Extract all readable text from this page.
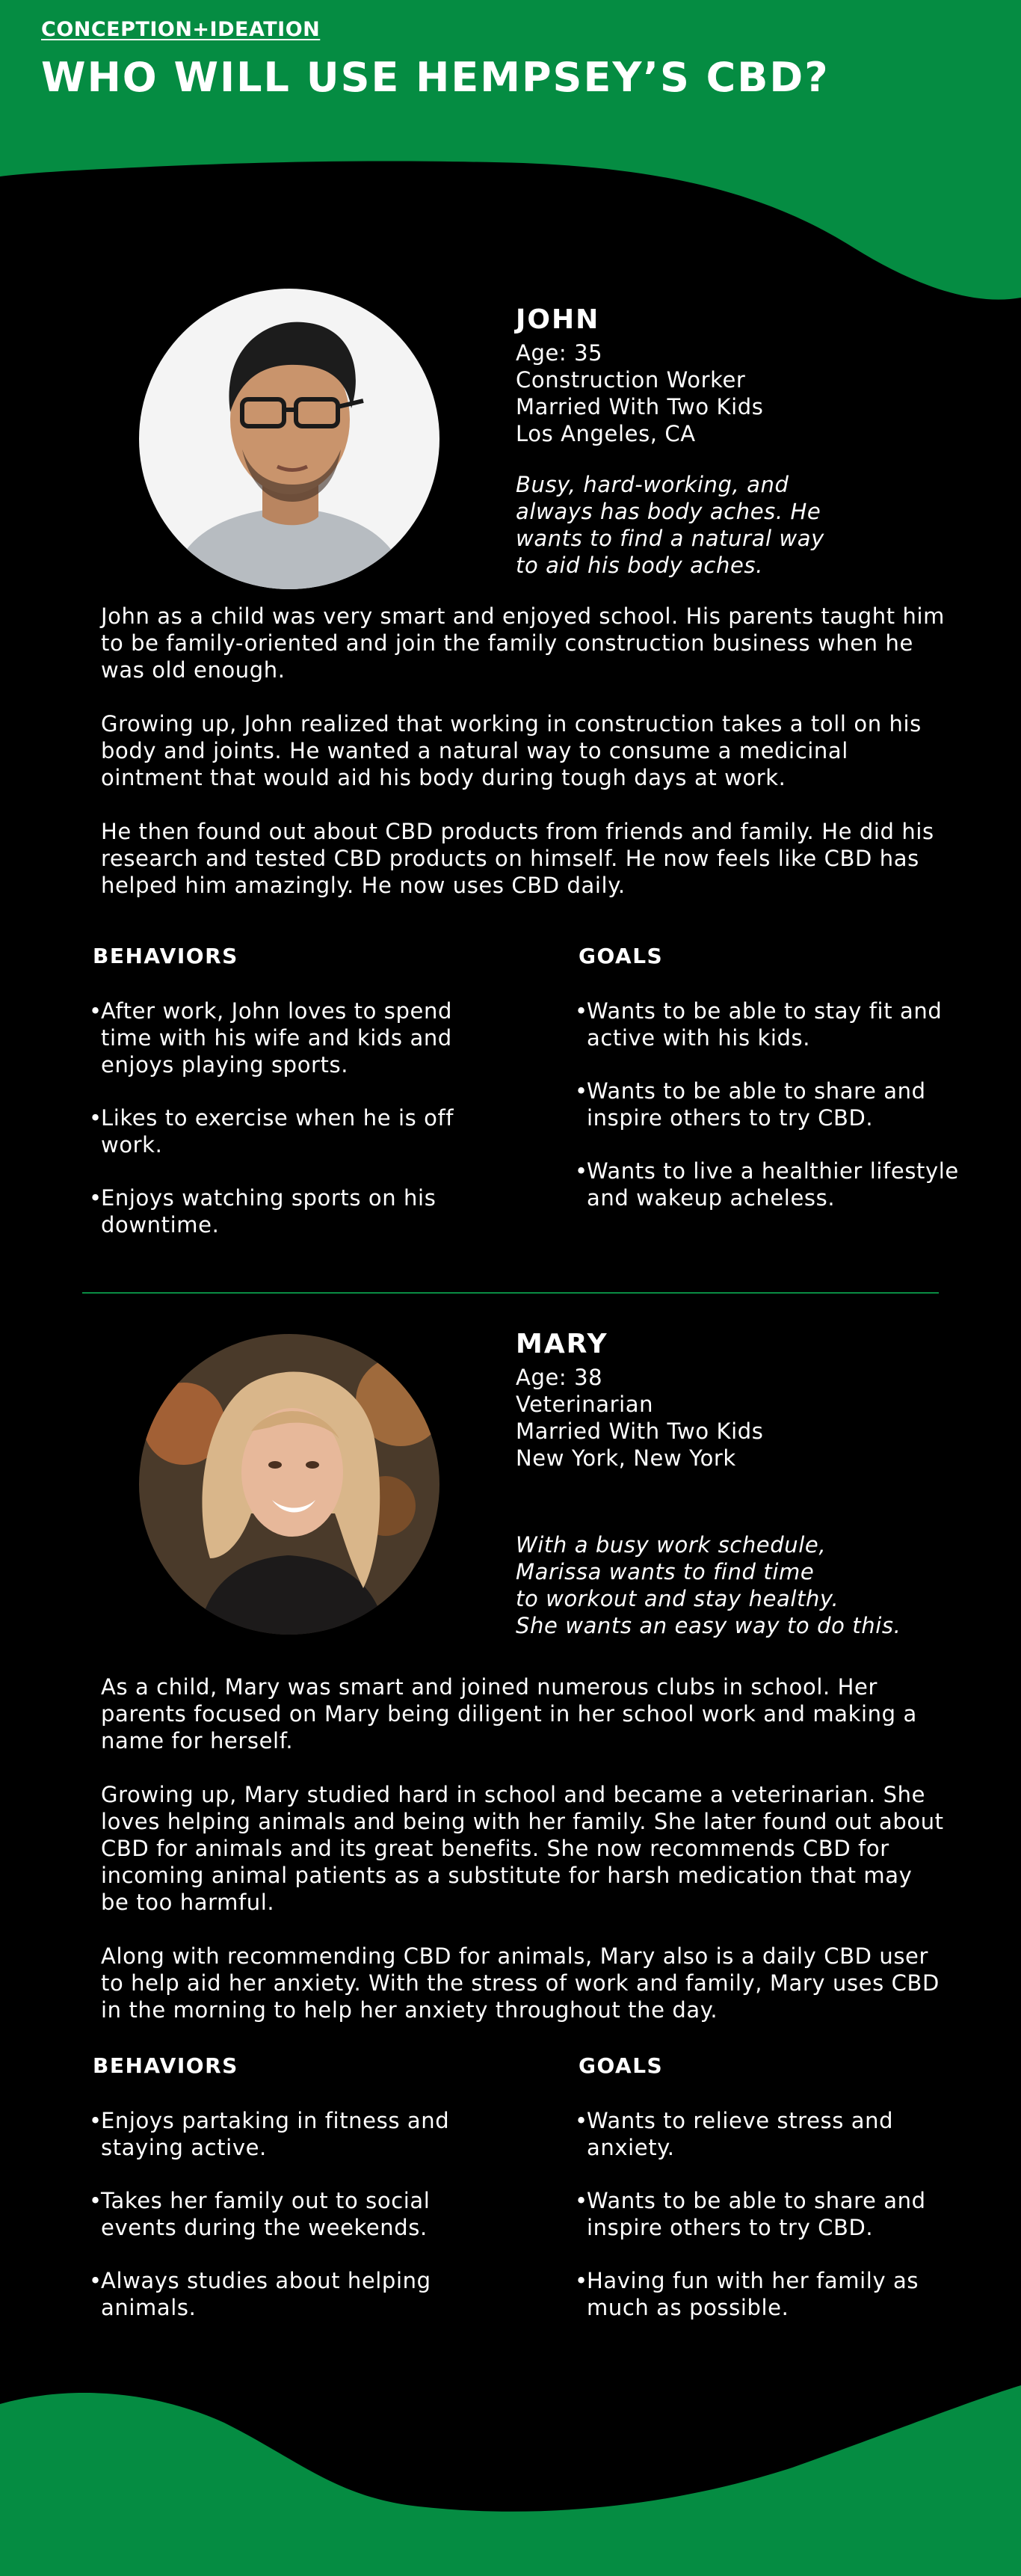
CONCEPTION+IDEATION
WHO WILL USE HEMPSEY’S CBD?
JOHN
Age: 35
Construction Worker
Married With Two Kids
Los Angeles, CA
Busy, hard-working, and
always has body aches. He
wants to find a natural way
to aid his body aches.

John as a child was very smart and enjoyed school. His parents taught him to be family-oriented and join the family construction business when he was old enough.

Growing up, John realized that working in construction takes a toll on his body and joints. He wanted a natural way to consume a medicinal ointment that would aid his body during tough days at work.

He then found out about CBD products from friends and family. He did his research and tested CBD products on himself. He now feels like CBD has helped him amazingly. He now uses CBD daily.

BEHAVIORS
• After work, John loves to spend time with his wife and kids and enjoys playing sports.
• Likes to exercise when he is off work.
• Enjoys watching sports on his downtime.
GOALS
• Wants to be able to stay fit and active with his kids.
• Wants to be able to share and inspire others to try CBD.
• Wants to live a healthier lifestyle and wakeup acheless.
MARY
Age: 38
Veterinarian
Married With Two Kids
New York, New York
With a busy work schedule,
Marissa wants to find time
to workout and stay healthy.
She wants an easy way to do this.

As a child, Mary was smart and joined numerous clubs in school. Her parents focused on Mary being diligent in her school work and making a name for herself.

Growing up, Mary studied hard in school and became a veterinarian. She loves helping animals and being with her family. She later found out about CBD for animals and its great benefits. She now recommends CBD for incoming animal patients as a substitute for harsh medication that may be too harmful.

Along with recommending CBD for animals, Mary also is a daily CBD user to help aid her anxiety. With the stress of work and family, Mary uses CBD in the morning to help her anxiety throughout the day.

BEHAVIORS
• Enjoys partaking in fitness and staying active.
• Takes her family out to social events during the weekends.
• Always studies about helping animals.
GOALS
• Wants to relieve stress and anxiety.
• Wants to be able to share and inspire others to try CBD.
• Having fun with her family as much as possible.
